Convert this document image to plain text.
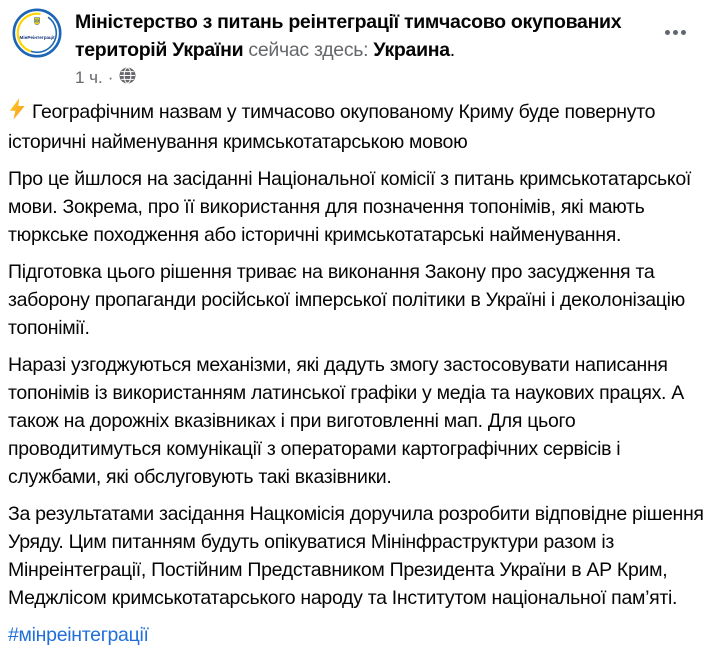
МінРеінтеграції
Міністерство з питань реінтеграції тимчасово окупованих територій України сейчас здесь: Украина.
1 ч. ·

Географічним назвам у тимчасово окупованому Криму буде повернуто історичні найменування кримськотатарською мовою

Про це йшлося на засіданні Національної комісії з питань кримськотатарської мови. Зокрема, про її використання для позначення топонімів, які мають тюркське походження або історичні кримськотатарські найменування.

Підготовка цього рішення триває на виконання Закону про засудження та заборону пропаганди російської імперської політики в Україні і деколонізацію топонімії.

Наразі узгоджуються механізми, які дадуть змогу застосовувати написання топонімів із використанням латинської графіки у медіа та наукових працях. А також на дорожніх вказівниках і при виготовленні мап. Для цього проводитимуться комунікації з операторами картографічних сервісів і службами, які обслуговують такі вказівники.

За результатами засідання Нацкомісія доручила розробити відповідне рішення Уряду. Цим питанням будуть опікуватися Мінінфраструктури разом із Мінреінтеграції, Постійним Представником Президента України в АР Крим, Меджлісом кримськотатарського народу та Інститутом національної пам’яті.

#мінреінтеграції
